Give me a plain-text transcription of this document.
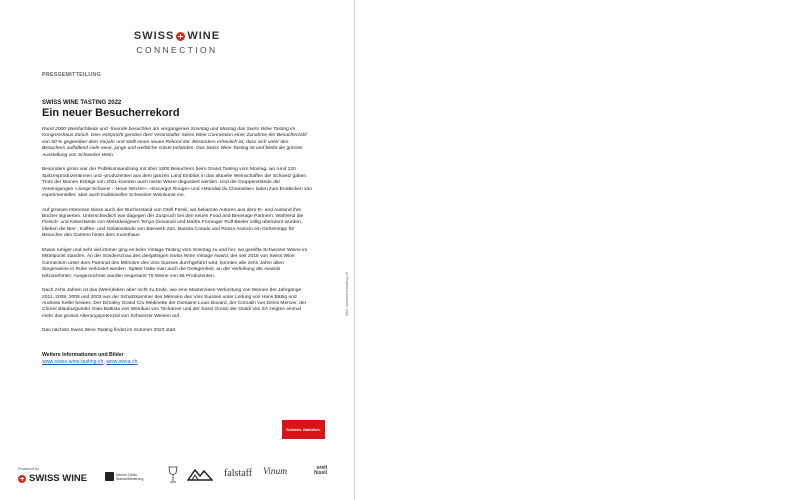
SWISS WINE
CONNECTION

PRESSEMITTEILUNG

SWISS WINE TASTING 2022

Ein neuer Besucherrekord

Rund 2000 Weinfachleute und -freunde besuchten am vergangenen Sonntag und Montag das Swiss Wine Tasting im Kongresshaus Zürich. Dies entspricht gemäss dem Veranstalter Swiss Wine Connection einer Zunahme der Besucherzahl von 50 % gegenüber dem Vorjahr und stellt einen neuen Rekord dar. Besonders erfreulich ist, dass sich unter den Besuchern auffallend viele neue, junge und weibliche Gäste befanden. Das Swiss Wine Tasting ist und bleibt die grösste Ausstellung von Schweizer Wein.

Besonders gross war der Publikumsandrang mit über 1800 Besuchern beim Grand Tasting vom Montag, wo rund 120 Spitzenproduzentinnen und -produzenten aus dem ganzen Land Einblick in das aktuelle Weinschaffen der Schweiz gaben. Trotz der kleinen Erträge von 2021 konnten auch rarste Weine degustiert werden. Und die Gruppenstände der Vereinigungen «Junge Schweiz – Neue Winzer», «Escargot Rouge» und «Mondial du Chasselas» luden zum Entdecken von experimenteller, aber auch traditioneller Schweizer Weinkunst ein.

Auf grosses Interesse stiess auch der Bücherstand von Orell Füssli, wo bekannte Autoren aus dem In- und Ausland ihre Bücher signierten. Unterschiedlich war dagegen der Zuspruch bei den neuen Food and Beverage Partnern: Während die Fleisch- und Käsestände von Meistdesignern Tenya Giovanoli und Maître Fromager Rolf Beeler völlig überrannt wurden, blieben die Bier-, Kaffee- und Gelatostände von Bierwerk Züri, Barista Corado und Rosso Arancio ein Geheimtipp für Besucher des Gartens hinter dem Kunsthaus.

Etwas ruhiger und sehr viel intimer ging es beim Vintage Tasting vom Sonntag zu und her, wo gereifte Schweizer Weine im Mittelpunkt standen. An der Sonderschau des diesjährigen Swiss Wine Vintage Award, der seit 2015 von Swiss Wine Connection unter dem Patronat des Mémoire des Vins Suisses durchgeführt wird, konnten alle zehn Jahre alten Siegerweine in Ruhe verkostet werden. Später hatte man auch die Gelegenheit, an der Verleihung der Awards teilzunehmen. Ausgezeichnet wurden insgesamt 70 Weine von 56 Produzenten.

Nach zehn Jahren ist das (Wein)leben aber nicht zu Ende, wie eine Masterclass-Verkostung von Weinen der Jahrgänge 2011, 2008, 2005 und 2002 aus der Schatzkammer des Mémoire des Vins Suisses unter Leitung von Hans Bättig und Andreas Keller bewies. Der Dézaley Grand Cru Médinette der Domaine Louis Bovard, der Cornalin von Denis Mercier, der Churer Blauburgunder Gian-Battista von Weinbau von Tscharner und der Sassi Grossi der Gialdi Vini SA zeigten einmal mehr das grosse Alterungspotenzial von Schweizer Weinen auf.

Das nächste Swiss Wine Tasting findet im Sommer 2023 statt.

Weitere Informationen und Bilder

www.swiss-wine-tasting.ch, www.swva.ch

Schweiz. Natürlich.
Bild: swisswinetasting.ch
Powered by
SWISS WINE	Kanton Zürich
Standortförderung	falstaff Vinum	orell
füssli
